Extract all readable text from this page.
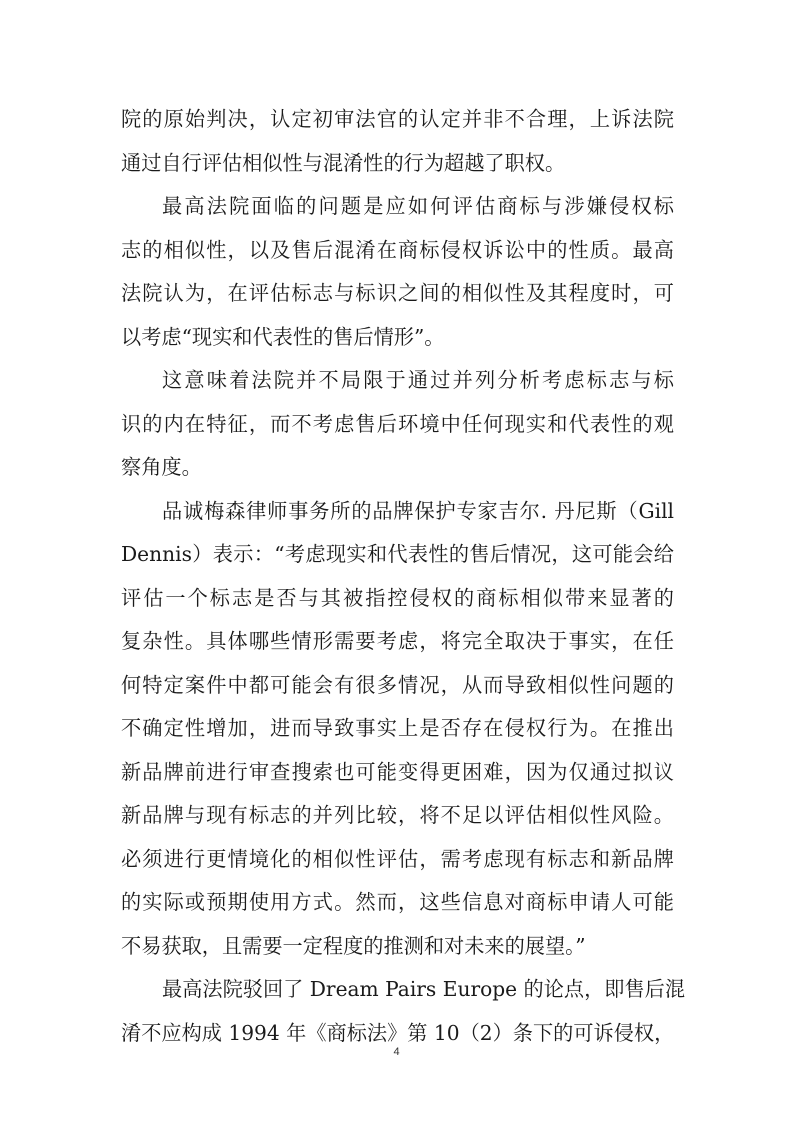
院的原始判决，认定初审法官的认定并非不合理，上诉法院
通过自行评估相似性与混淆性的行为超越了职权。
最高法院面临的问题是应如何评估商标与涉嫌侵权标
志的相似性，以及售后混淆在商标侵权诉讼中的性质。最高
法院认为，在评估标志与标识之间的相似性及其程度时，可
以考虑“现实和代表性的售后情形”。
这意味着法院并不局限于通过并列分析考虑标志与标
识的内在特征，而不考虑售后环境中任何现实和代表性的观
察角度。
品诚梅森律师事务所的品牌保护专家吉尔. 丹尼斯（Gill
Dennis）表示：“考虑现实和代表性的售后情况，这可能会给
评估一个标志是否与其被指控侵权的商标相似带来显著的
复杂性。具体哪些情形需要考虑，将完全取决于事实，在任
何特定案件中都可能会有很多情况，从而导致相似性问题的
不确定性增加，进而导致事实上是否存在侵权行为。在推出
新品牌前进行审查搜索也可能变得更困难，因为仅通过拟议
新品牌与现有标志的并列比较，将不足以评估相似性风险。
必须进行更情境化的相似性评估，需考虑现有标志和新品牌
的实际或预期使用方式。然而，这些信息对商标申请人可能
不易获取，且需要一定程度的推测和对未来的展望。”
最高法院驳回了 Dream Pairs Europe 的论点，即售后混
淆不应构成 1994 年《商标法》第 10（2）条下的可诉侵权，
4
